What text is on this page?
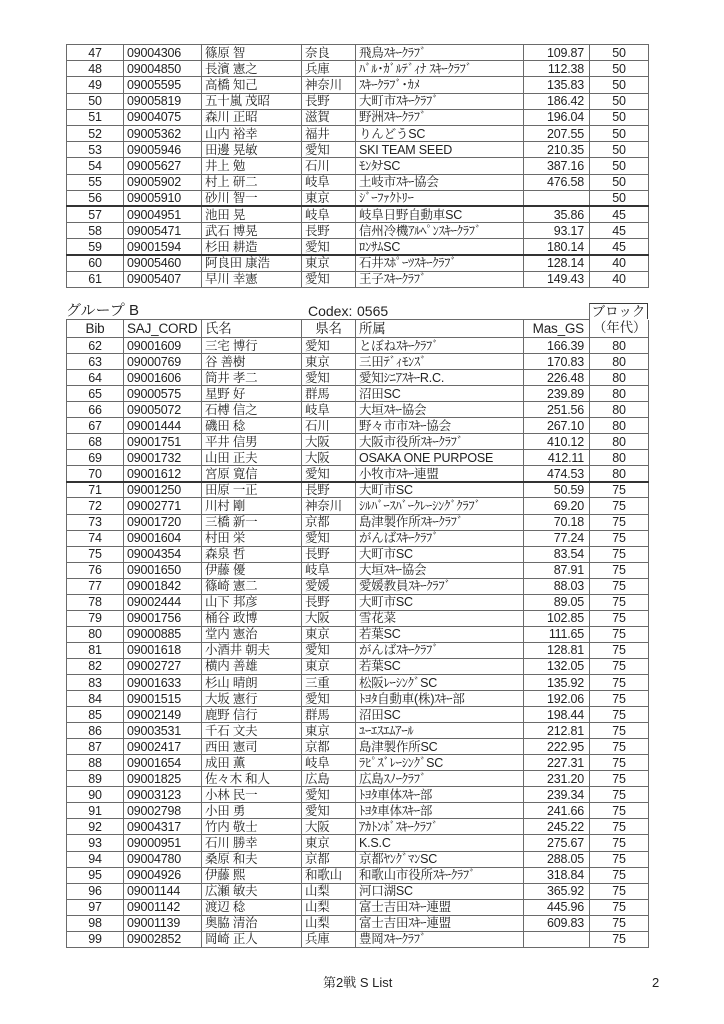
47	09004306	篠原 智	奈良	飛鳥ｽｷｰｸﾗﾌﾞ	109.87	50
48	09004850	長濱 憲之	兵庫	ﾊﾞﾙ･ｶﾞﾙﾃﾞｨﾅ ｽｷｰｸﾗﾌﾞ	112.38	50
49	09005595	高橋 知己	神奈川	ｽｷｰｸﾗﾌﾞ･ｶﾒ	135.83	50
50	09005819	五十嵐 茂昭	長野	大町市ｽｷｰｸﾗﾌﾞ	186.42	50
51	09004075	森川 正昭	滋賀	野洲ｽｷｰｸﾗﾌﾞ	196.04	50
52	09005362	山内 裕幸	福井	りんどうSC	207.55	50
53	09005946	田邊 晃敏	愛知	SKI TEAM SEED	210.35	50
54	09005627	井上 勉	石川	ﾓﾝﾀﾅSC	387.16	50
55	09005902	村上 研二	岐阜	土岐市ｽｷｰ協会	476.58	50
56	09005910	砂川 智一	東京	ｼﾞｰﾌｧｸﾄﾘｰ		50
57	09004951	池田 晃	岐阜	岐阜日野自動車SC	35.86	45
58	09005471	武石 博晃	長野	信州冷機ｱﾙﾍﾟﾝｽｷｰｸﾗﾌﾞ	93.17	45
59	09001594	杉田 耕造	愛知	ﾛﾝｻﾑSC	180.14	45
60	09005460	阿良田 康浩	東京	石井ｽﾎﾟｰﾂｽｷｰｸﾗﾌﾞ	128.14	40
61	09005407	早川 幸憲	愛知	王子ｽｷｰｸﾗﾌﾞ	149.43	40
グループ B	Codex: 0565	ブロック
Bib	SAJ_CORD	氏名	県名	所属	Mas_GS	（年代）
62	09001609	三宅 博行	愛知	とぼねｽｷｰｸﾗﾌﾞ	166.39	80
63	09000769	谷 善樹	東京	三田ﾃﾞｨﾓﾝｽﾞ	170.83	80
64	09001606	筒井 孝二	愛知	愛知ｼﾆｱｽｷｰR.C.	226.48	80
65	09000575	星野 好	群馬	沼田SC	239.89	80
66	09005072	石榑 信之	岐阜	大垣ｽｷｰ協会	251.56	80
67	09001444	磯田 稔	石川	野々市市ｽｷｰ協会	267.10	80
68	09001751	平井 信男	大阪	大阪市役所ｽｷｰｸﾗﾌﾞ	410.12	80
69	09001732	山田 正夫	大阪	OSAKA ONE PURPOSE	412.11	80
70	09001612	宮原 寛信	愛知	小牧市ｽｷｰ連盟	474.53	80
71	09001250	田原 一正	長野	大町市SC	50.59	75
72	09002771	川村 剛	神奈川	ｼﾙﾊﾞｰｽﾊﾞｰｸﾚｰｼﾝｸﾞｸﾗﾌﾞ	69.20	75
73	09001720	三橋 新一	京都	島津製作所ｽｷｰｸﾗﾌﾞ	70.18	75
74	09001604	村田 栄	愛知	がんばｽｷｰｸﾗﾌﾞ	77.24	75
75	09004354	森泉 哲	長野	大町市SC	83.54	75
76	09001650	伊藤 優	岐阜	大垣ｽｷｰ協会	87.91	75
77	09001842	篠崎 憲二	愛媛	愛媛教員ｽｷｰｸﾗﾌﾞ	88.03	75
78	09002444	山下 邦彦	長野	大町市SC	89.05	75
79	09001756	桶谷 政博	大阪	雪花菜	102.85	75
80	09000885	堂内 憲治	東京	若葉SC	111.65	75
81	09001618	小酒井 朝夫	愛知	がんばｽｷｰｸﾗﾌﾞ	128.81	75
82	09002727	横内 善雄	東京	若葉SC	132.05	75
83	09001633	杉山 晴朗	三重	松阪ﾚｰｼﾝｸﾞSC	135.92	75
84	09001515	大坂 憲行	愛知	ﾄﾖﾀ自動車(株)ｽｷｰ部	192.06	75
85	09002149	鹿野 信行	群馬	沼田SC	198.44	75
86	09003531	千石 文夫	東京	ﾕｰｴｽｴﾑｱｰﾙ	212.81	75
87	09002417	西田 憲司	京都	島津製作所SC	222.95	75
88	09001654	成田 薫	岐阜	ﾗﾋﾟｽﾞﾚｰｼﾝｸﾞSC	227.31	75
89	09001825	佐々木 和人	広島	広島ｽﾉｰｸﾗﾌﾞ	231.20	75
90	09003123	小林 民一	愛知	ﾄﾖﾀ車体ｽｷｰ部	239.34	75
91	09002798	小田 勇	愛知	ﾄﾖﾀ車体ｽｷｰ部	241.66	75
92	09004317	竹内 敬士	大阪	ｱｶﾄﾝﾎﾞｽｷｰｸﾗﾌﾞ	245.22	75
93	09000951	石川 勝幸	東京	K.S.C	275.67	75
94	09004780	桑原 和夫	京都	京都ﾔﾝｸﾞﾏﾝSC	288.05	75
95	09004926	伊藤 熙	和歌山	和歌山市役所ｽｷｰｸﾗﾌﾞ	318.84	75
96	09001144	広瀬 敏夫	山梨	河口湖SC	365.92	75
97	09001142	渡辺 稔	山梨	富士吉田ｽｷｰ連盟	445.96	75
98	09001139	奥脇 清治	山梨	富士吉田ｽｷｰ連盟	609.83	75
99	09002852	岡崎 正人	兵庫	豊岡ｽｷｰｸﾗﾌﾞ		75
第2戦 S List	2
